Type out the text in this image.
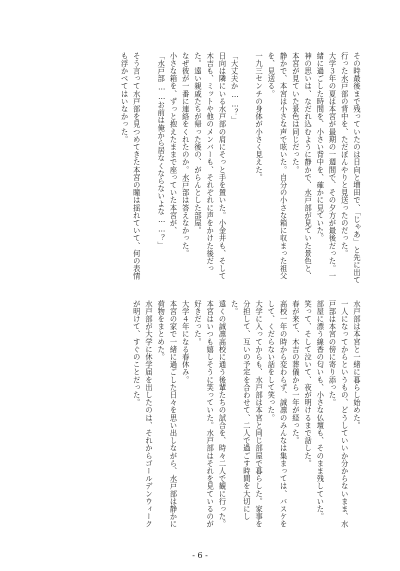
その時最後まで残っていたのは日向と増田で、「じゃあ」と先に出て行った水戸部の背中を、ただぼんやりと見送ったのだった。

大学３年の夏は本宮が最期の一週間で、その夕方が最後だった。一緒に過ごした時間を、小さい背中を、確かに見ていた。

神の思いは、なだれ込むように静かで、水戸部が見ていた景色と、本宮が見ていた景色は同じだった。

静かで、本宮は小さな声で呟いた。自分の小さな箱に収まった祖父を、見送る。

一九三センチの身体が小さく見えた。

「大丈夫か……？」

日向は隣にいる水戸部の肩にそっと手を置いた。小金井も、そして木吉も、ミットや他のメンバーも、それぞれに声をかけた後だった。遠い親戚たちが帰った後の、がらんとした部屋。

なぜ彼が一番に連絡をくれたのか。水戸部は答えなかった。

小さな箱を、ずっと抱えたままで座っていた本宮が、

「水戸部……お前は俺から居なくならないよな……？」

そう言って水戸部を見つめてきた本宮の瞳は揺れていて、何の表情も浮かべてはいなかった。

水戸部は本宮と一緒に暮らし始めた。

一人になってからというもの、どうしていいか分からないまま、水戸部は本宮の傍に寄り添った。

部屋に漂う線香の匂いも、小さな仏壇も、そのまま残していた。

笑って、そして泣いて、夜が明けるまで話した。

春が来て、木吉の葬儀から一年が経った。

高校一年の時から変わらず、誠凛のみんなは集まっては、バスケをして、くだらない話をして笑った。

大学に入ってからも、水戸部は本宮と同じ部屋で暮らした。家事を分担して、互いの予定を合わせて、二人で過ごす時間を大切にした。

遠くの誠凛高校に通う後輩たちの試合を、時々二人で観に行った。

本宮はいつも嬉しそうに笑っていた。水戸部はそれを見ているのが好きだった。

大学４年になる春休み。

本宮の家で一緒に過ごした日々を思い出しながら、水戸部は静かに荷物をまとめた。

水戸部が大学に休学届を出したのは、それからゴールデンウィークが明けて、すぐのことだった。

- 6 -
